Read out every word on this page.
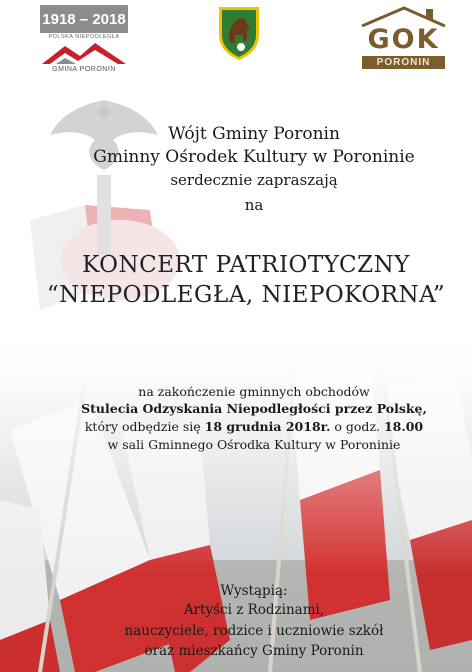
1918 – 2018
POLSKA NIEPODLEGŁA
GMINA PORONIN
GOK
PORONIN
Wójt Gminy Poronin
Gminny Ośrodek Kultury w Poroninie
serdecznie zapraszają
na
KONCERT PATRIOTYCZNY
“NIEPODLEGŁA, NIEPOKORNA”
na zakończenie gminnych obchodów
Stulecia Odzyskania Niepodległości przez Polskę,
który odbędzie się 18 grudnia 2018r. o godz. 18.00
w sali Gminnego Ośrodka Kultury w Poroninie
Wystąpią:
Artyści z Rodzinami,
nauczyciele, rodzice i uczniowie szkół
oraz mieszkańcy Gminy Poronin
